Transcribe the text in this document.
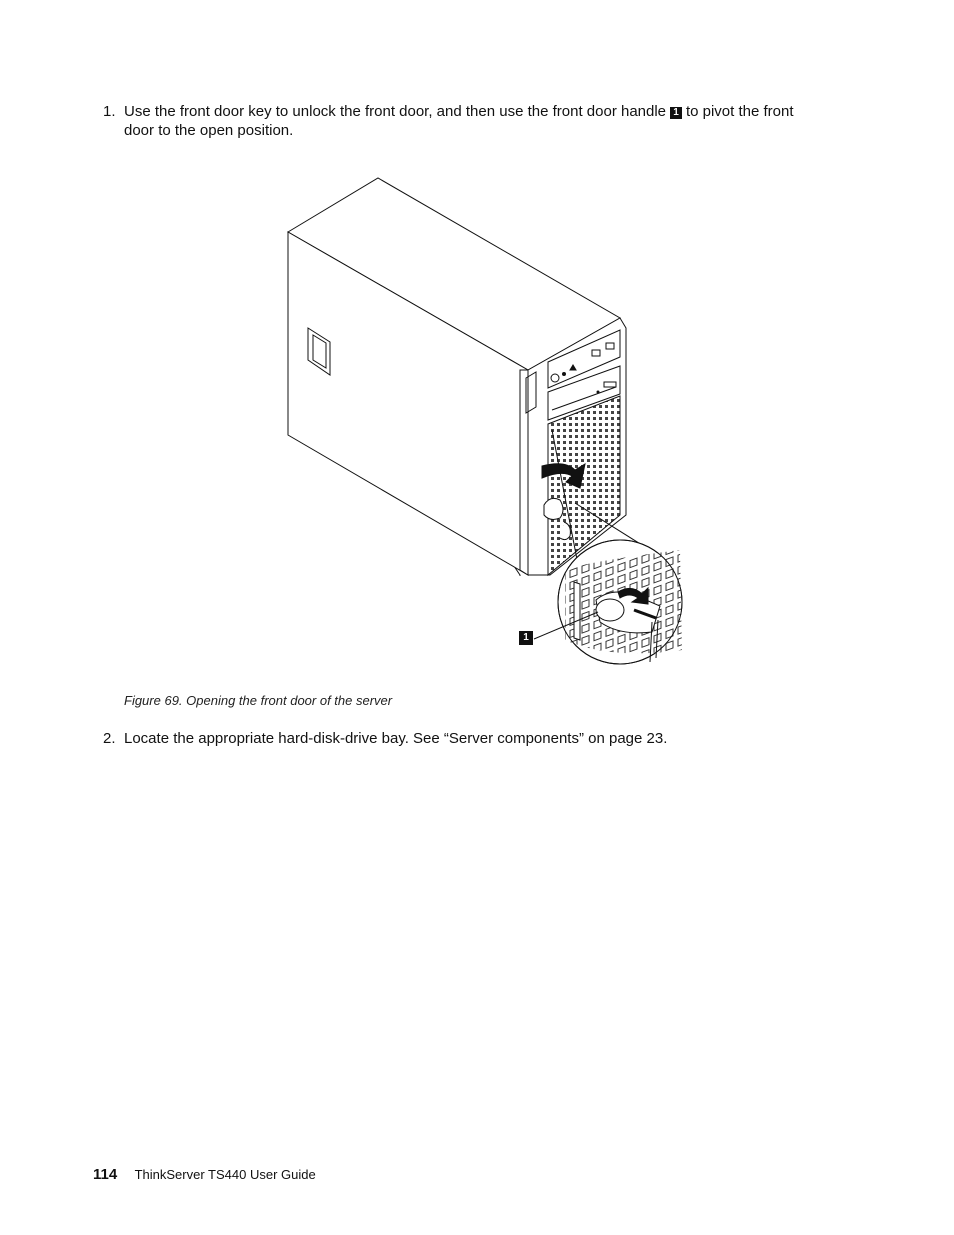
1. Use the front door key to unlock the front door, and then use the front door handle 1 to pivot the front door to the open position.
1
Figure 69. Opening the front door of the server
2. Locate the appropriate hard-disk-drive bay. See “Server components” on page 23.
114 ThinkServer TS440 User Guide
